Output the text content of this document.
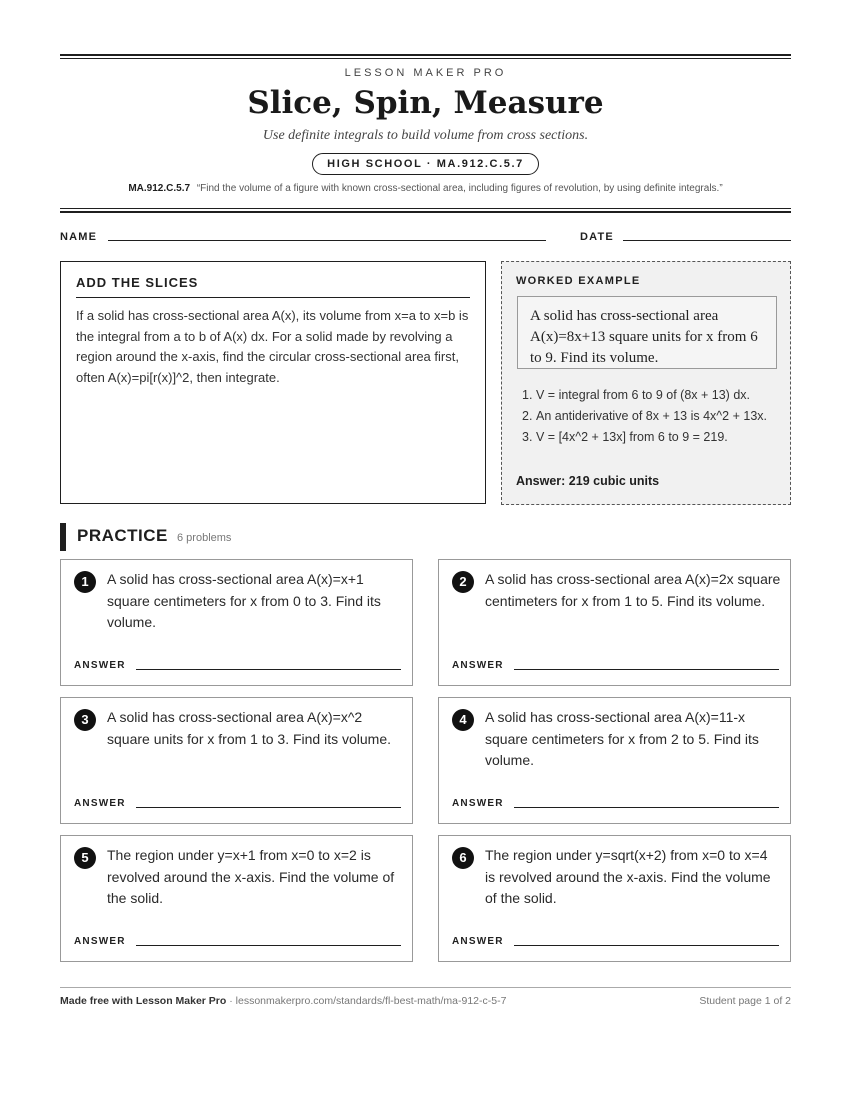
LESSON MAKER PRO
Slice, Spin, Measure
Use definite integrals to build volume from cross sections.
HIGH SCHOOL · MA.912.C.5.7
MA.912.C.5.7 “Find the volume of a figure with known cross-sectional area, including figures of revolution, by using definite integrals.”
NAME	DATE
ADD THE SLICES
If a solid has cross-sectional area A(x), its volume from x=a to x=b is the integral from a to b of A(x) dx. For a solid made by revolving a region around the x-axis, find the circular cross-sectional area first, often A(x)=pi[r(x)]^2, then integrate.
WORKED EXAMPLE
A solid has cross-sectional area A(x)=8x+13 square units for x from 6 to 9. Find its volume.
1. V = integral from 6 to 9 of (8x + 13) dx.
2. An antiderivative of 8x + 13 is 4x^2 + 13x.
3. V = [4x^2 + 13x] from 6 to 9 = 219.
Answer: 219 cubic units
PRACTICE 6 problems
1	A solid has cross-sectional area A(x)=x+1 square centimeters for x from 0 to 3. Find its volume.
ANSWER
2	A solid has cross-sectional area A(x)=2x square centimeters for x from 1 to 5. Find its volume.
ANSWER
3	A solid has cross-sectional area A(x)=x^2 square units for x from 1 to 3. Find its volume.
ANSWER
4	A solid has cross-sectional area A(x)=11-x square centimeters for x from 2 to 5. Find its volume.
ANSWER
5	The region under y=x+1 from x=0 to x=2 is revolved around the x-axis. Find the volume of the solid.
ANSWER
6	The region under y=sqrt(x+2) from x=0 to x=4 is revolved around the x-axis. Find the volume of the solid.
ANSWER
Made free with Lesson Maker Pro · lessonmakerpro.com/standards/fl-best-math/ma-912-c-5-7	Student page 1 of 2
